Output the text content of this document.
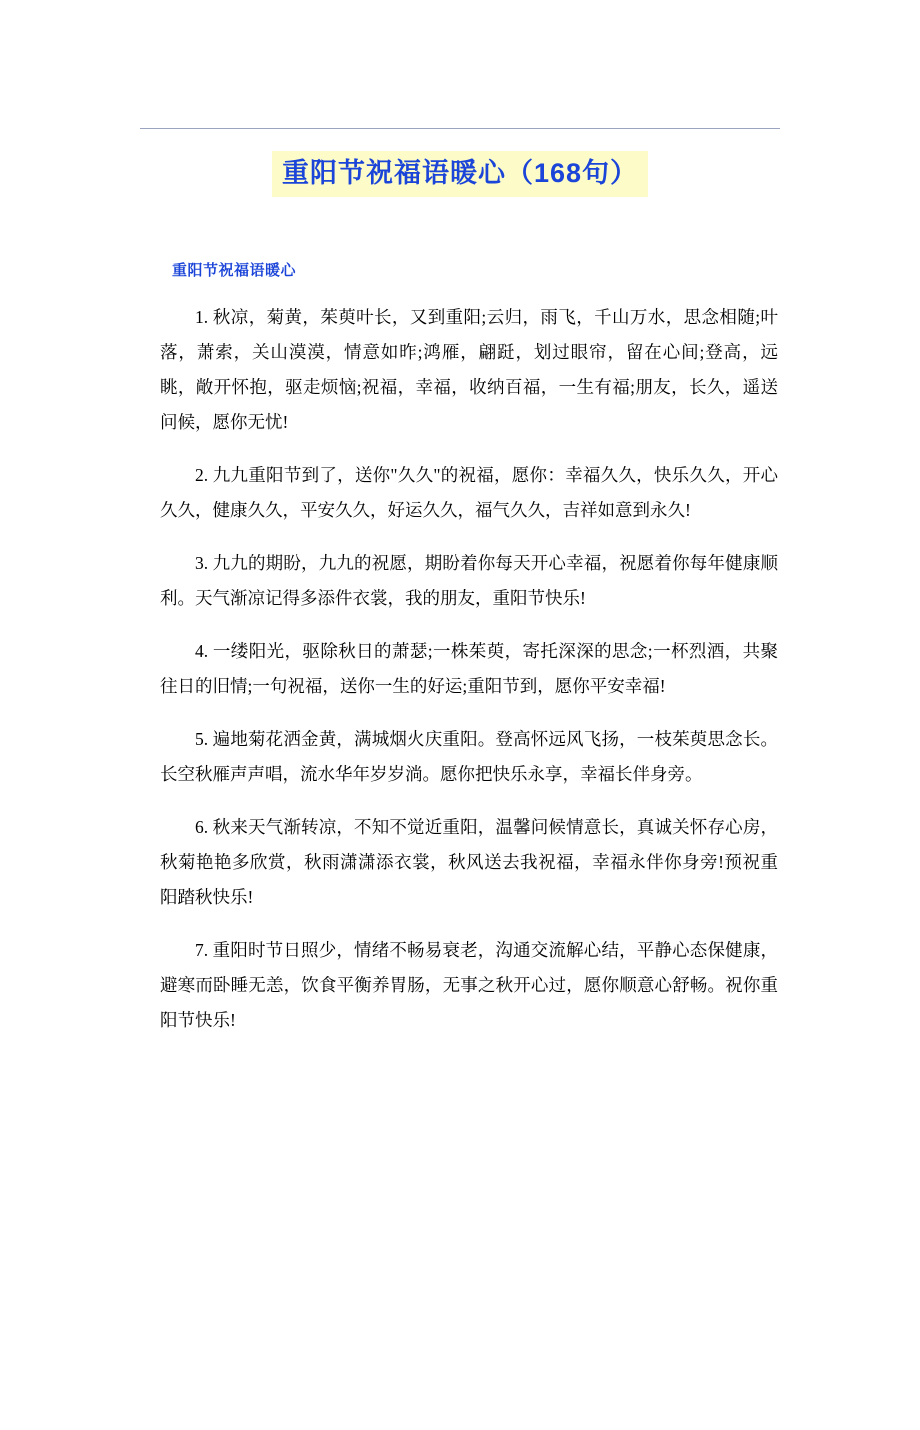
重阳节祝福语暖心（168句）
重阳节祝福语暖心

1. 秋凉，菊黄，茱萸叶长，又到重阳;云归，雨飞，千山万水，思念相随;叶落，萧索，关山漠漠，情意如昨;鸿雁，翩跹，划过眼帘，留在心间;登高，远眺，敞开怀抱，驱走烦恼;祝福，幸福，收纳百福，一生有福;朋友，长久，遥送问候，愿你无忧!

2. 九九重阳节到了，送你"久久"的祝福，愿你：幸福久久，快乐久久，开心久久，健康久久，平安久久，好运久久，福气久久，吉祥如意到永久!

3. 九九的期盼，九九的祝愿，期盼着你每天开心幸福，祝愿着你每年健康顺利。天气渐凉记得多添件衣裳，我的朋友，重阳节快乐!

4. 一缕阳光，驱除秋日的萧瑟;一株茱萸，寄托深深的思念;一杯烈酒，共聚往日的旧情;一句祝福，送你一生的好运;重阳节到，愿你平安幸福!

5. 遍地菊花洒金黄，满城烟火庆重阳。登高怀远风飞扬，一枝茱萸思念长。长空秋雁声声唱，流水华年岁岁淌。愿你把快乐永享，幸福长伴身旁。

6. 秋来天气渐转凉，不知不觉近重阳，温馨问候情意长，真诚关怀存心房，秋菊艳艳多欣赏，秋雨潇潇添衣裳，秋风送去我祝福，幸福永伴你身旁!预祝重阳踏秋快乐!

7. 重阳时节日照少，情绪不畅易衰老，沟通交流解心结，平静心态保健康，避寒而卧睡无恙，饮食平衡养胃肠，无事之秋开心过，愿你顺意心舒畅。祝你重阳节快乐!
